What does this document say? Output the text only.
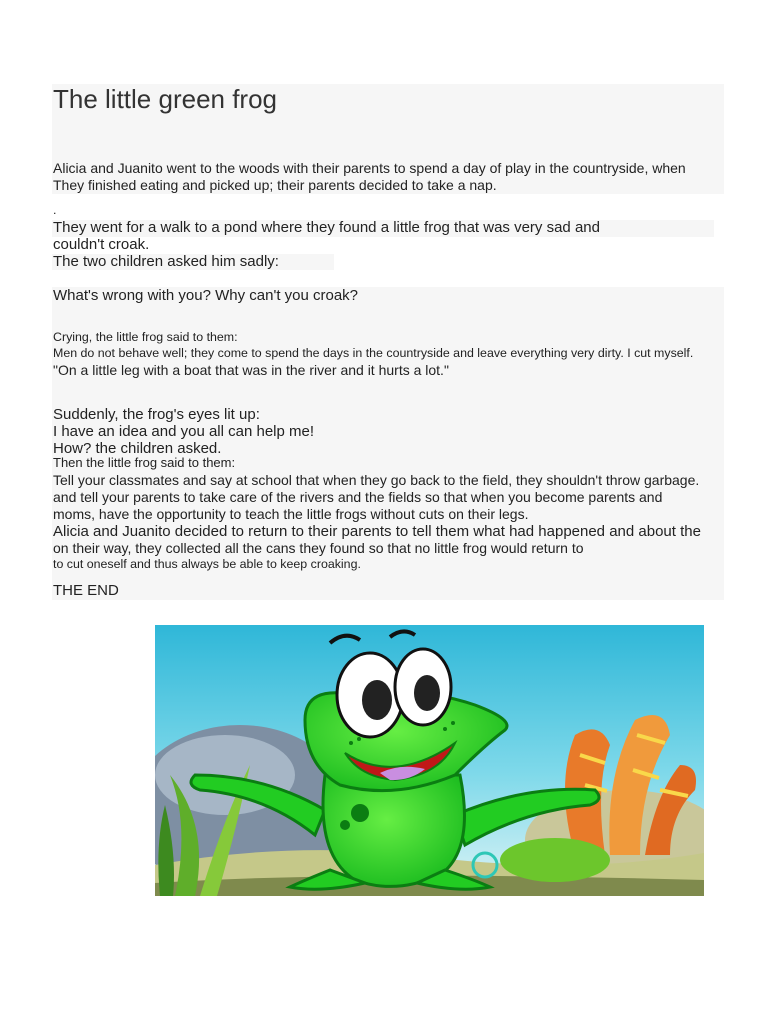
The little green frog
Alicia and Juanito went to the woods with their parents to spend a day of play in the countryside, when
They finished eating and picked up; their parents decided to take a nap.
.
They went for a walk to a pond where they found a little frog that was very sad and
couldn't croak.
The two children asked him sadly:
What's wrong with you? Why can't you croak?
Crying, the little frog said to them:
Men do not behave well; they come to spend the days in the countryside and leave everything very dirty. I cut myself.
"On a little leg with a boat that was in the river and it hurts a lot."
Suddenly, the frog's eyes lit up:
I have an idea and you all can help me!
How? the children asked.
Then the little frog said to them:
Tell your classmates and say at school that when they go back to the field, they shouldn't throw garbage.
and tell your parents to take care of the rivers and the fields so that when you become parents and
moms, have the opportunity to teach the little frogs without cuts on their legs.
Alicia and Juanito decided to return to their parents to tell them what had happened and about the
on their way, they collected all the cans they found so that no little frog would return to
to cut oneself and thus always be able to keep croaking.
THE END
